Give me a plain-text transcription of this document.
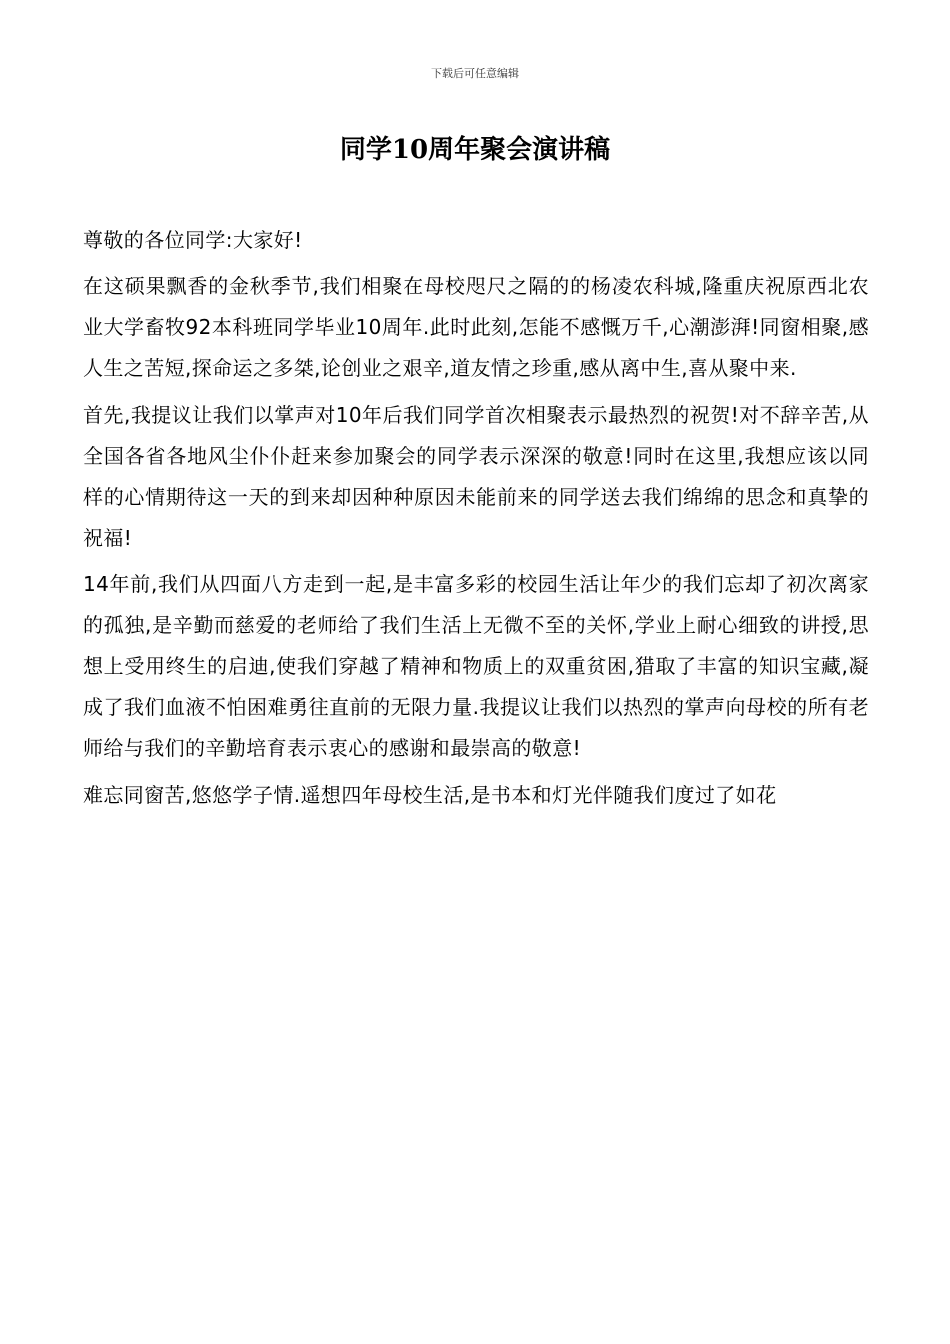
下载后可任意编辑
同学10周年聚会演讲稿

尊敬的各位同学:大家好!

在这硕果飘香的金秋季节,我们相聚在母校咫尺之隔的的杨凌农科城,隆重庆祝原西北农业大学畜牧92本科班同学毕业10周年.此时此刻,怎能不感慨万千,心潮澎湃!同窗相聚,感人生之苦短,探命运之多桀,论创业之艰辛,道友情之珍重,感从离中生,喜从聚中来.

首先,我提议让我们以掌声对10年后我们同学首次相聚表示最热烈的祝贺!对不辞辛苦,从全国各省各地风尘仆仆赶来参加聚会的同学表示深深的敬意!同时在这里,我想应该以同样的心情期待这一天的到来却因种种原因未能前来的同学送去我们绵绵的思念和真挚的祝福!

14年前,我们从四面八方走到一起,是丰富多彩的校园生活让年少的我们忘却了初次离家的孤独,是辛勤而慈爱的老师给了我们生活上无微不至的关怀,学业上耐心细致的讲授,思想上受用终生的启迪,使我们穿越了精神和物质上的双重贫困,猎取了丰富的知识宝藏,凝成了我们血液不怕困难勇往直前的无限力量.我提议让我们以热烈的掌声向母校的所有老师给与我们的辛勤培育表示衷心的感谢和最崇高的敬意!

难忘同窗苦,悠悠学子情.遥想四年母校生活,是书本和灯光伴随我们度过了如花
